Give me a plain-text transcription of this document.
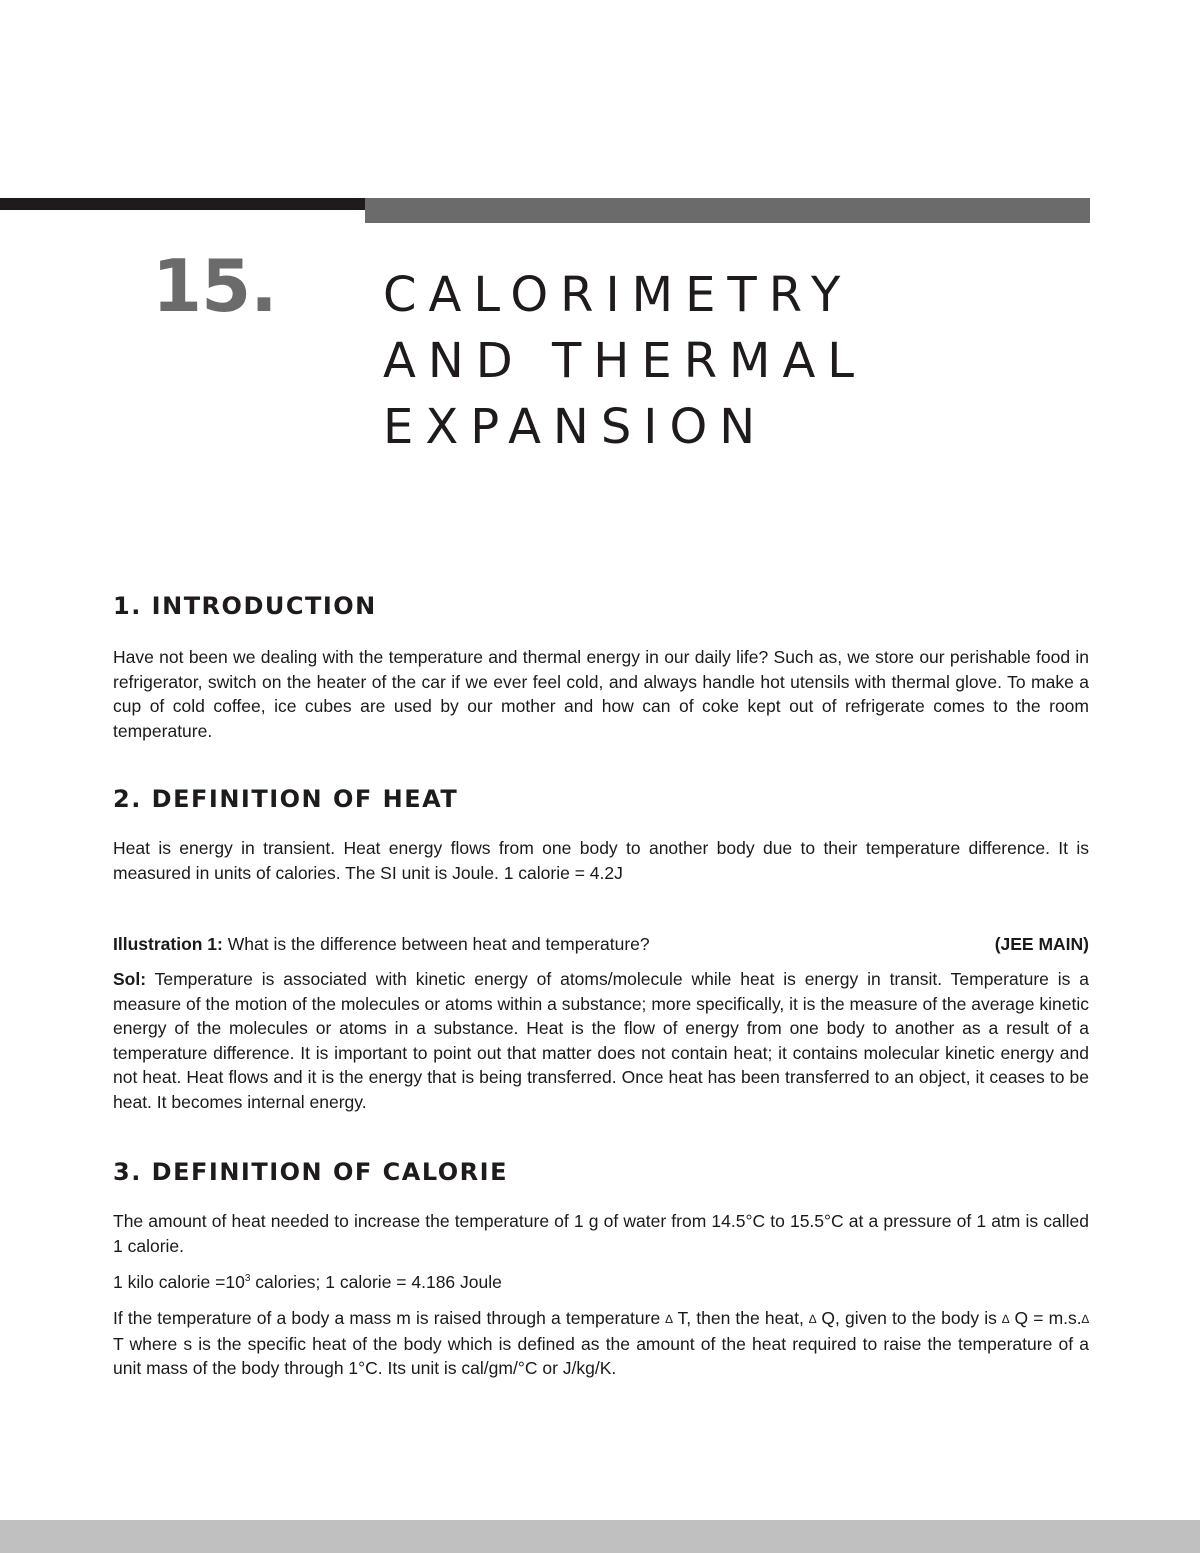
15. CALORIMETRY
AND THERMAL
EXPANSION
1. INTRODUCTION
Have not been we dealing with the temperature and thermal energy in our daily life? Such as, we store our perishable food in refrigerator, switch on the heater of the car if we ever feel cold, and always handle hot utensils with thermal glove. To make a cup of cold coffee, ice cubes are used by our mother and how can of coke kept out of refrigerate comes to the room temperature.
2. DEFINITION OF HEAT
Heat is energy in transient. Heat energy flows from one body to another body due to their temperature difference. It is measured in units of calories. The SI unit is Joule. 1 calorie = 4.2J
Illustration 1: What is the difference between heat and temperature?	(JEE MAIN)
Sol: Temperature is associated with kinetic energy of atoms/molecule while heat is energy in transit. Temperature is a measure of the motion of the molecules or atoms within a substance; more specifically, it is the measure of the average kinetic energy of the molecules or atoms in a substance. Heat is the flow of energy from one body to another as a result of a temperature difference. It is important to point out that matter does not contain heat; it contains molecular kinetic energy and not heat. Heat flows and it is the energy that is being transferred. Once heat has been transferred to an object, it ceases to be heat. It becomes internal energy.
3. DEFINITION OF CALORIE
The amount of heat needed to increase the temperature of 1 g of water from 14.5°C to 15.5°C at a pressure of 1 atm is called 1 calorie.
1 kilo calorie $=10^3$ calories; 1 calorie = 4.186 Joule
If the temperature of a body a mass m is raised through a temperature ∆ T, then the heat, ∆ Q, given to the body is ∆ Q = m.s.∆ T where s is the specific heat of the body which is defined as the amount of the heat required to raise the temperature of a unit mass of the body through 1°C. Its unit is cal/gm/°C or J/kg/K.
